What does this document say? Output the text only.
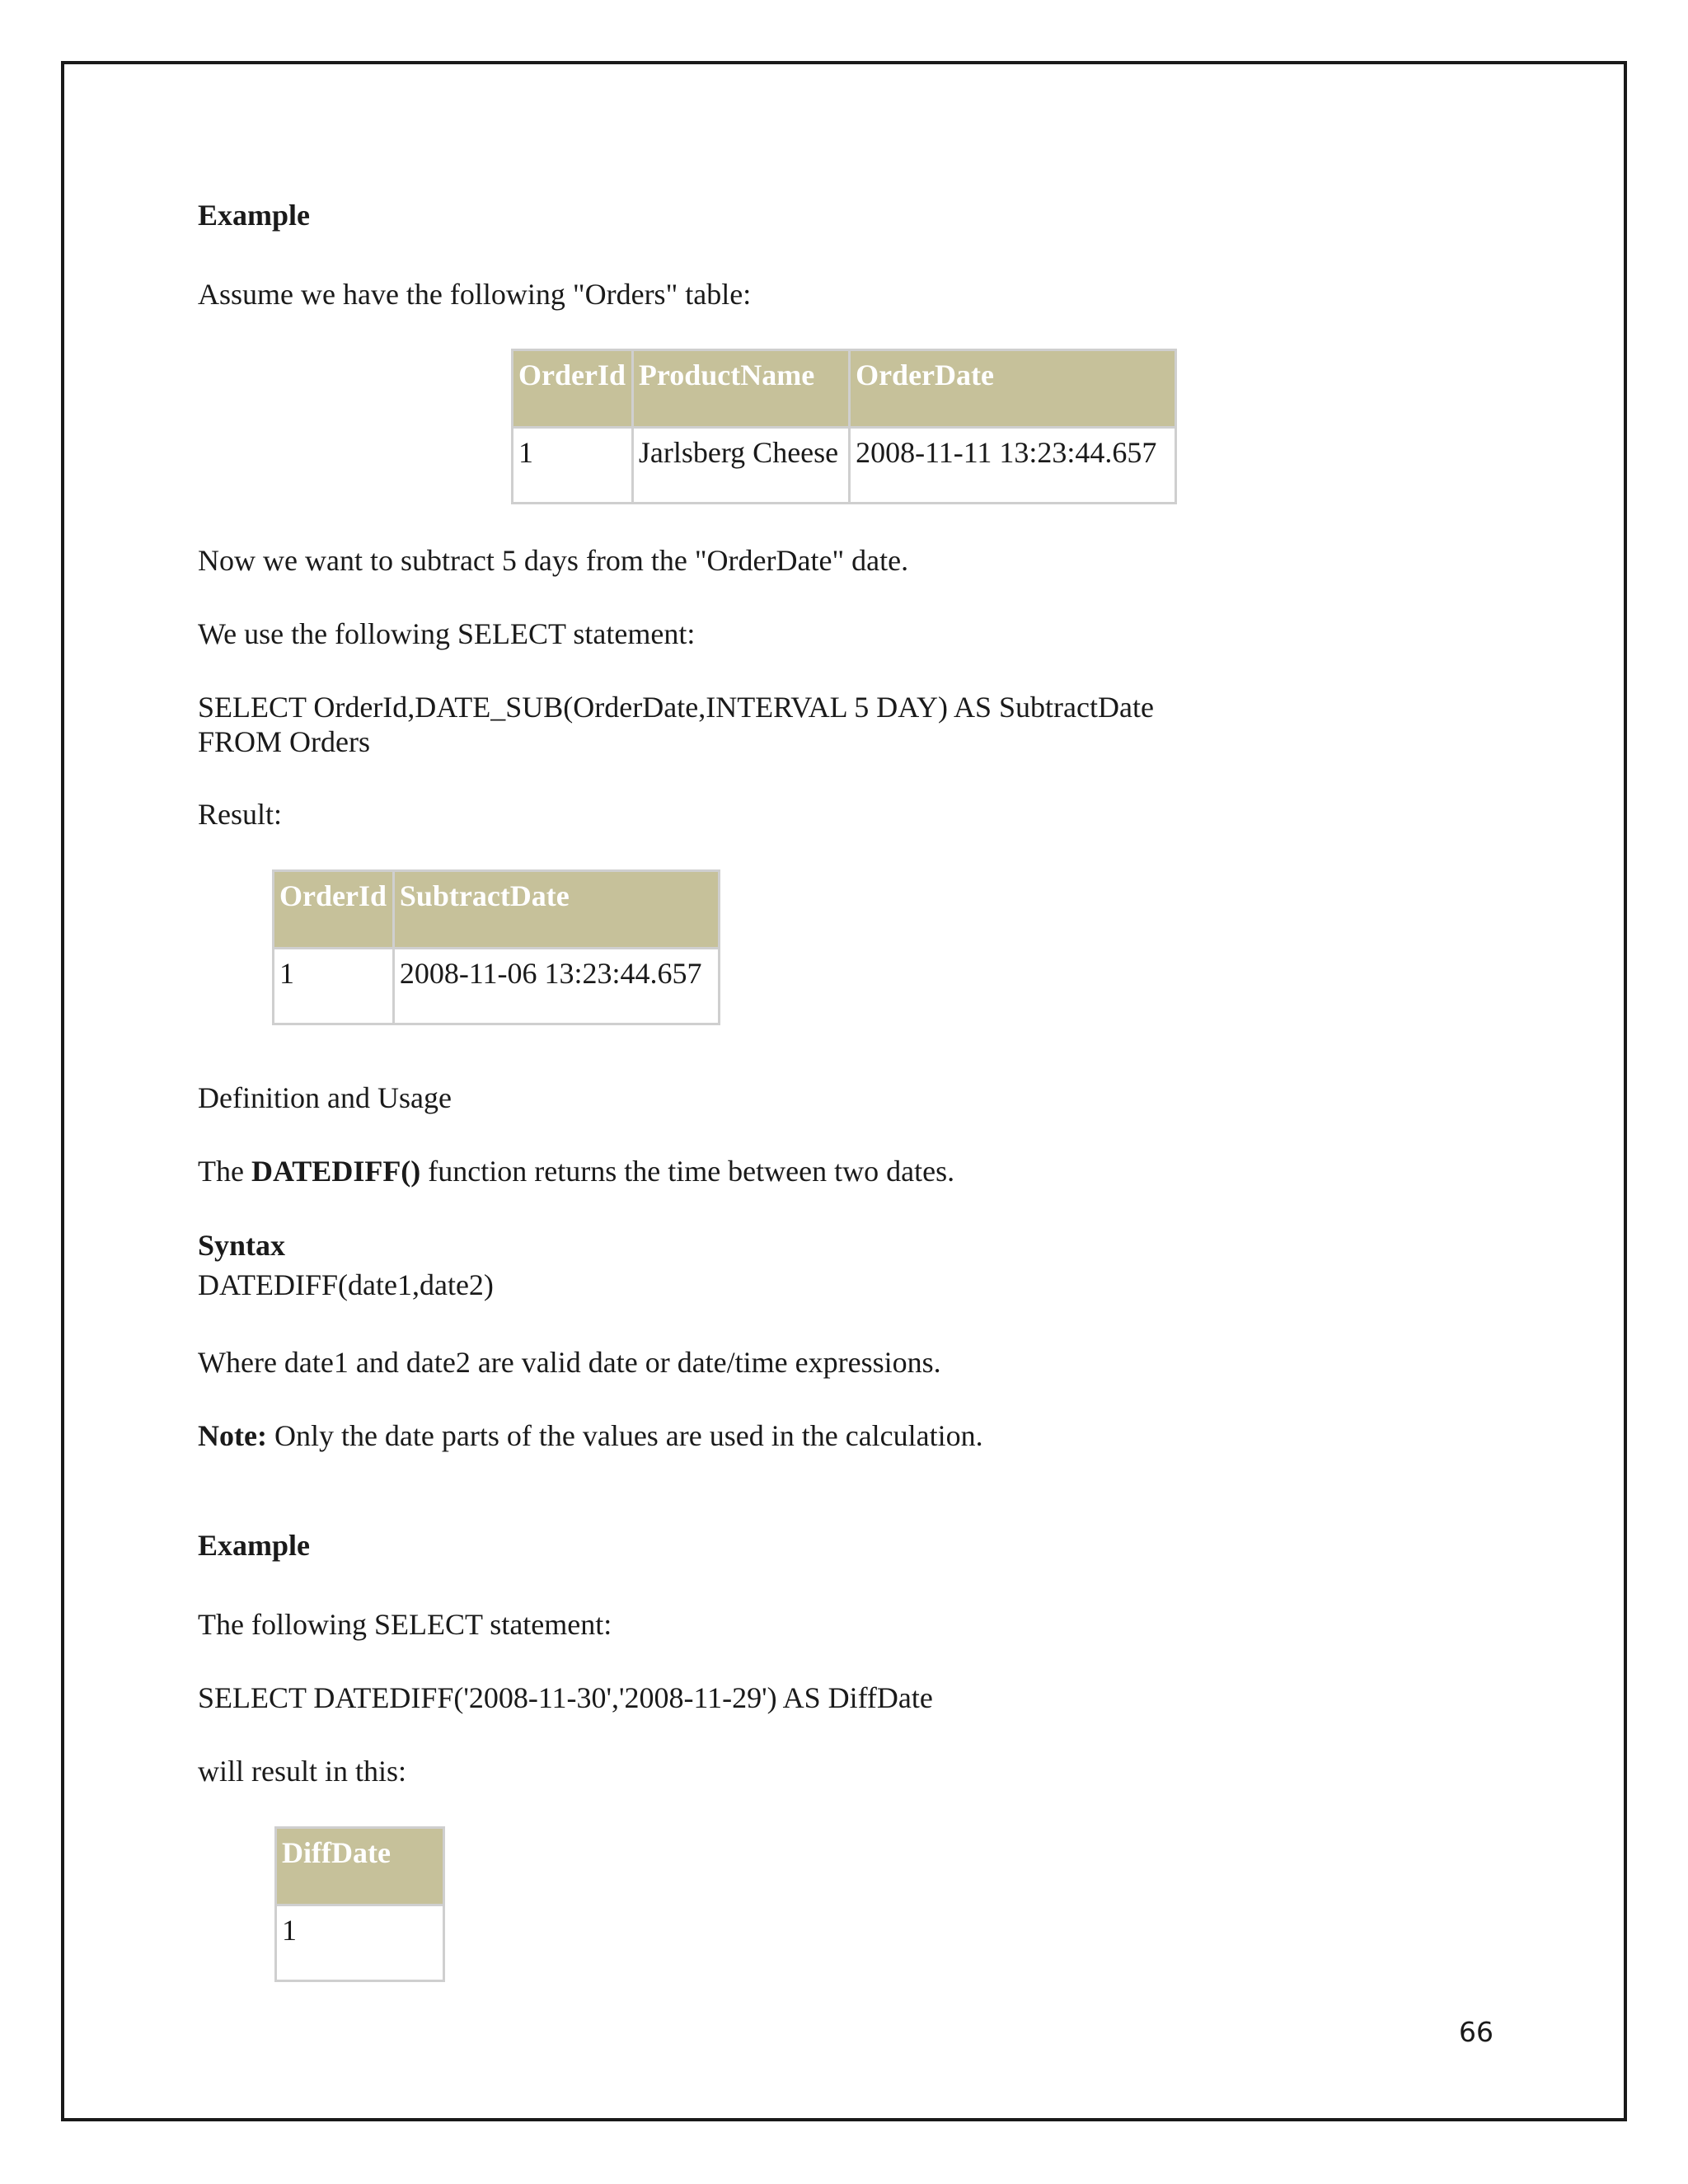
Example

Assume we have the following "Orders" table:

OrderId	ProductName	OrderDate
1	Jarlsberg Cheese	2008-11-11 13:23:44.657

Now we want to subtract 5 days from the "OrderDate" date.

We use the following SELECT statement:

SELECT OrderId,DATE_SUB(OrderDate,INTERVAL 5 DAY) AS SubtractDate

FROM Orders

Result:

OrderId	SubtractDate
1	2008-11-06 13:23:44.657

Definition and Usage

The DATEDIFF() function returns the time between two dates.

Syntax

DATEDIFF(date1,date2)

Where date1 and date2 are valid date or date/time expressions.

Note: Only the date parts of the values are used in the calculation.

Example

The following SELECT statement:

SELECT DATEDIFF('2008-11-30','2008-11-29') AS DiffDate

will result in this:

DiffDate
1
66
